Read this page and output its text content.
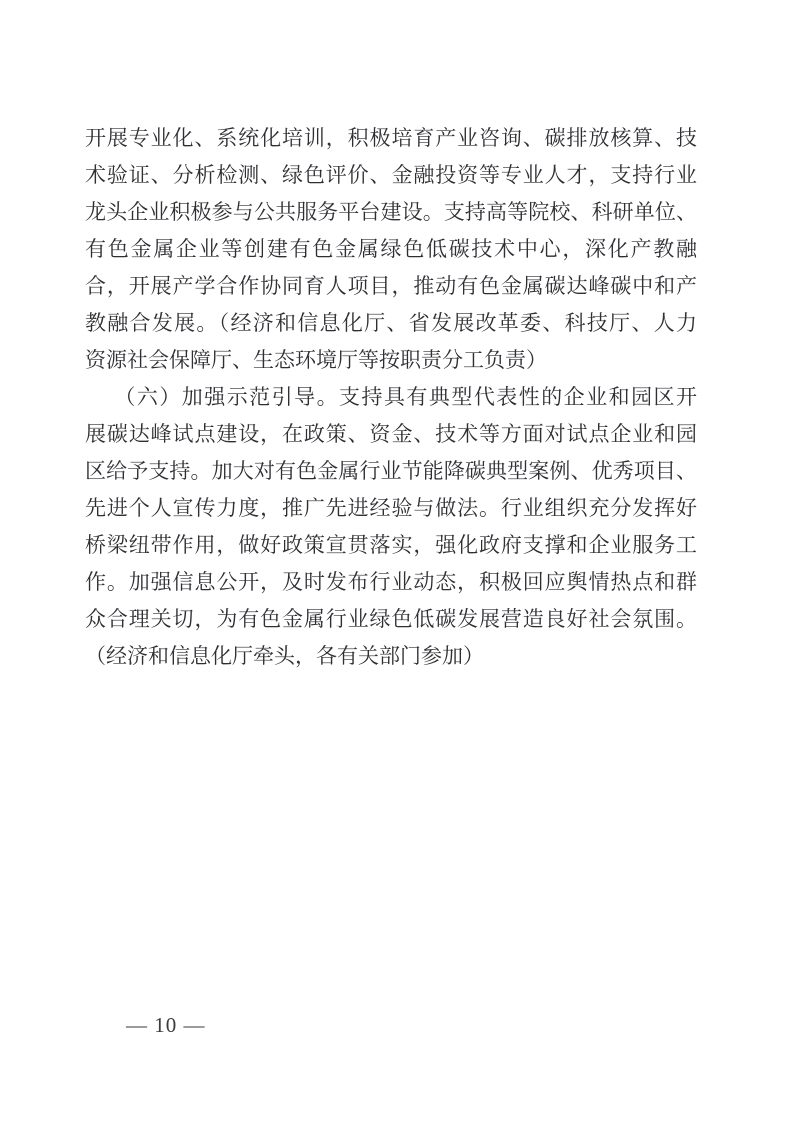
开展专业化、系统化培训，积极培育产业咨询、碳排放核算、技
术验证、分析检测、绿色评价、金融投资等专业人才，支持行业
龙头企业积极参与公共服务平台建设。支持高等院校、科研单位、
有色金属企业等创建有色金属绿色低碳技术中心，深化产教融
合，开展产学合作协同育人项目，推动有色金属碳达峰碳中和产
教融合发展。（经济和信息化厅、省发展改革委、科技厅、人力
资源社会保障厅、生态环境厅等按职责分工负责）
（六）加强示范引导。支持具有典型代表性的企业和园区开
展碳达峰试点建设，在政策、资金、技术等方面对试点企业和园
区给予支持。加大对有色金属行业节能降碳典型案例、优秀项目、
先进个人宣传力度，推广先进经验与做法。行业组织充分发挥好
桥梁纽带作用，做好政策宣贯落实，强化政府支撑和企业服务工
作。加强信息公开，及时发布行业动态，积极回应舆情热点和群
众合理关切，为有色金属行业绿色低碳发展营造良好社会氛围。
（经济和信息化厅牵头，各有关部门参加）
— 10 —
